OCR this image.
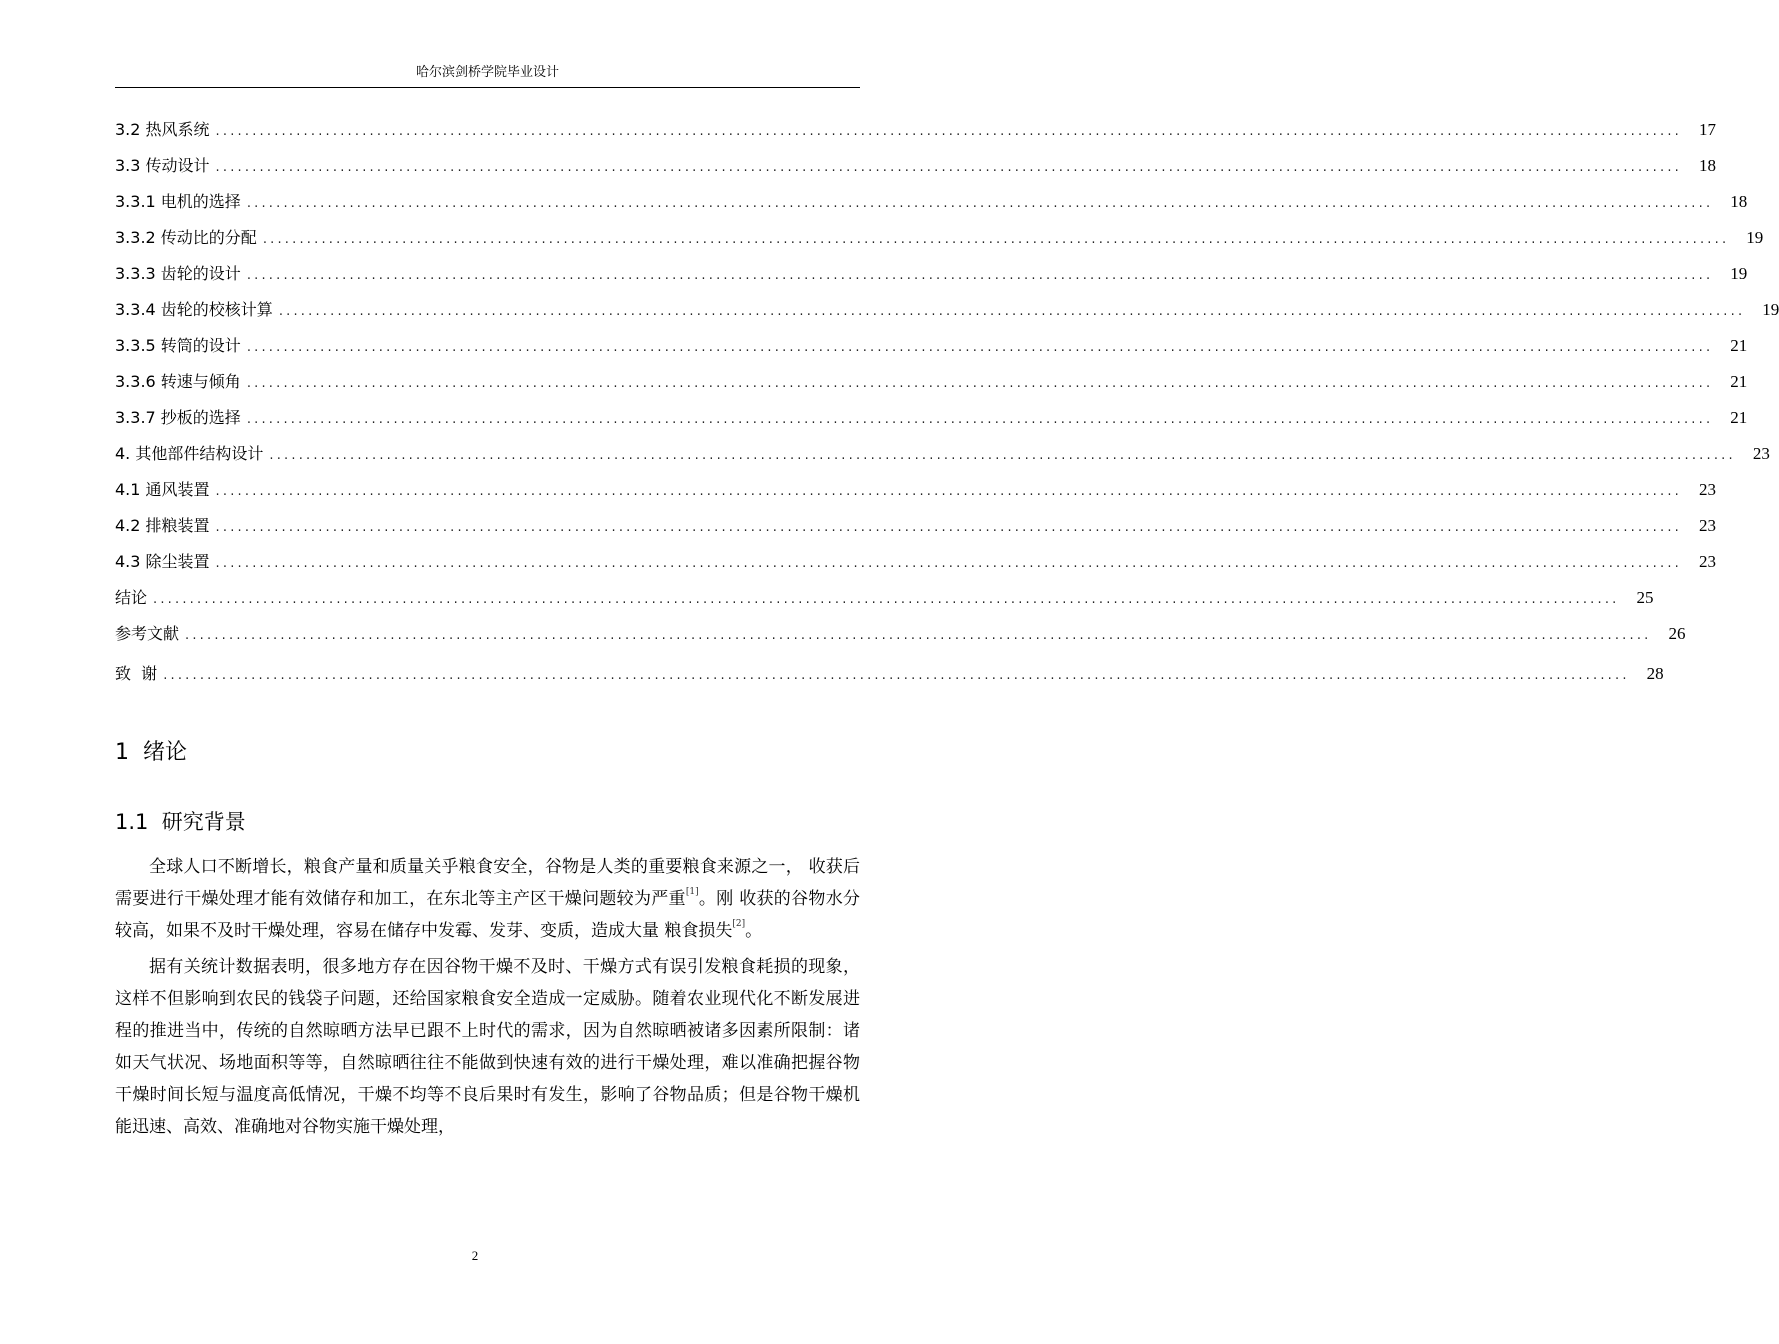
哈尔滨剑桥学院毕业设计
3.2 热风系统 ........................................................................................................................................................................................................	17
3.3 传动设计 ........................................................................................................................................................................................................	18
3.3.1 电机的选择 ........................................................................................................................................................................................................	18
3.3.2 传动比的分配 ........................................................................................................................................................................................................	19
3.3.3 齿轮的设计 ........................................................................................................................................................................................................	19
3.3.4 齿轮的校核计算 ........................................................................................................................................................................................................	19
3.3.5 转筒的设计 ........................................................................................................................................................................................................	21
3.3.6 转速与倾角 ........................................................................................................................................................................................................	21
3.3.7 抄板的选择 ........................................................................................................................................................................................................	21
4. 其他部件结构设计 ........................................................................................................................................................................................................	23
4.1 通风装置 ........................................................................................................................................................................................................	23
4.2 排粮装置 ........................................................................................................................................................................................................	23
4.3 除尘装置 ........................................................................................................................................................................................................	23
结论 ........................................................................................................................................................................................................	25
参考文献 ........................................................................................................................................................................................................	26
致  谢 ........................................................................................................................................................................................................	28
1  绪论
1.1  研究背景

全球人口不断增长，粮食产量和质量关乎粮食安全，谷物是人类的重要粮食来源之一， 收获后需要进行干燥处理才能有效储存和加工，在东北等主产区干燥问题较为严重[1]。刚 收获的谷物水分较高，如果不及时干燥处理，容易在储存中发霉、发芽、变质，造成大量 粮食损失[2]。

据有关统计数据表明，很多地方存在因谷物干燥不及时、干燥方式有误引发粮食耗损的现象，这样不但影响到农民的钱袋子问题，还给国家粮食安全造成一定威胁。随着农业现代化不断发展进程的推进当中，传统的自然晾晒方法早已跟不上时代的需求，因为自然晾晒被诸多因素所限制：诸如天气状况、场地面积等等，自然晾晒往往不能做到快速有效的进行干燥处理，难以准确把握谷物干燥时间长短与温度高低情况，干燥不均等不良后果时有发生，影响了谷物品质；但是谷物干燥机能迅速、高效、准确地对谷物实施干燥处理，

2
